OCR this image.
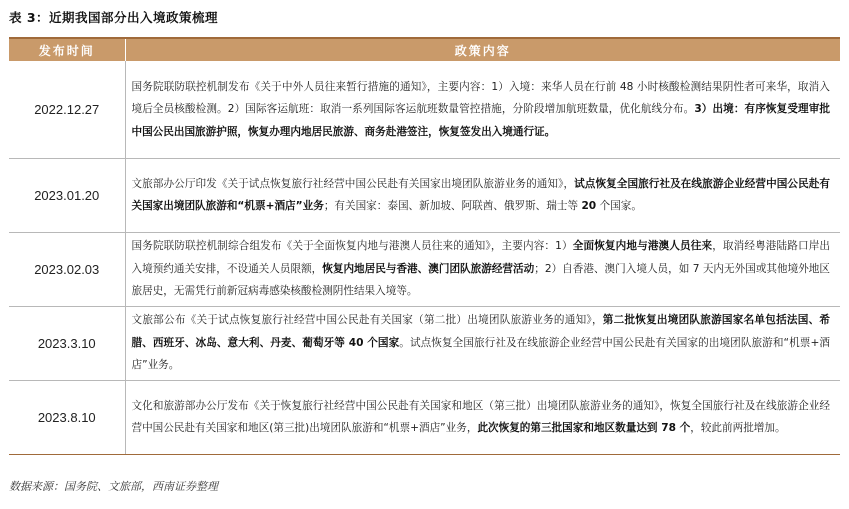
表 3：近期我国部分出入境政策梳理
发布时间	政策内容
2022.12.27	国务院联防联控机制发布《关于中外人员往来暂行措施的通知》，主要内容：1）入境：来华人员在行前 48 小时核酸检测结果阴性者可来华，取消入境后全员核酸检测。2）国际客运航班：取消一系列国际客运航班数量管控措施，分阶段增加航班数量，优化航线分布。3）出境：有序恢复受理审批中国公民出国旅游护照，恢复办理内地居民旅游、商务赴港签注，恢复签发出入境通行证。
2023.01.20	文旅部办公厅印发《关于试点恢复旅行社经营中国公民赴有关国家出境团队旅游业务的通知》，试点恢复全国旅行社及在线旅游企业经营中国公民赴有关国家出境团队旅游和“机票+酒店”业务；有关国家：泰国、新加坡、阿联酋、俄罗斯、瑞士等 20 个国家。
2023.02.03	国务院联防联控机制综合组发布《关于全面恢复内地与港澳人员往来的通知》，主要内容：1）全面恢复内地与港澳人员往来，取消经粤港陆路口岸出入境预约通关安排，不设通关人员限额，恢复内地居民与香港、澳门团队旅游经营活动；2）自香港、澳门入境人员，如 7 天内无外国或其他境外地区旅居史，无需凭行前新冠病毒感染核酸检测阴性结果入境等。
2023.3.10	文旅部公布《关于试点恢复旅行社经营中国公民赴有关国家（第二批）出境团队旅游业务的通知》，第二批恢复出境团队旅游国家名单包括法国、希腊、西班牙、冰岛、意大利、丹麦、葡萄牙等 40 个国家。试点恢复全国旅行社及在线旅游企业经营中国公民赴有关国家的出境团队旅游和“机票+酒店”业务。
2023.8.10	文化和旅游部办公厅发布《关于恢复旅行社经营中国公民赴有关国家和地区（第三批）出境团队旅游业务的通知》，恢复全国旅行社及在线旅游企业经营中国公民赴有关国家和地区(第三批)出境团队旅游和“机票+酒店”业务，此次恢复的第三批国家和地区数量达到 78 个，较此前两批增加。
数据来源：国务院、文旅部，西南证券整理
